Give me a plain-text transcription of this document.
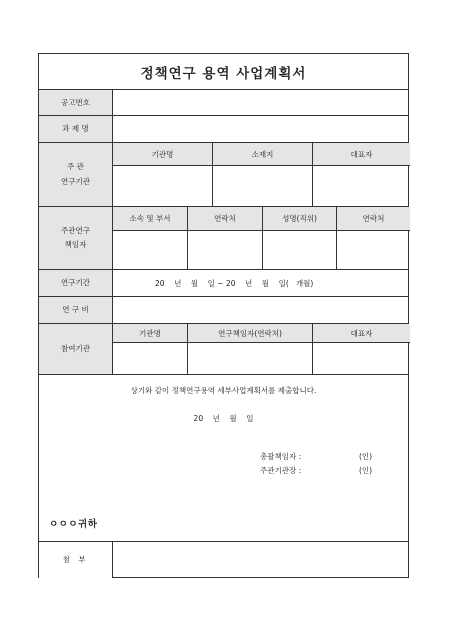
정책연구 용역 사업계획서
공고번호
과 제 명
주 관
연구기관
기관명	소재지	대표자
주관연구
책임자
소속 및 부서	연락처	성명(직위)	연락처
연구기간	20    년    월    일 ~ 20    년    월    일(   개월)
연 구 비
참여기관
기관명	연구책임자(연락처)	대표자
상기와 같이 정책연구용역 세부사업계획서를 제출합니다.
20    년    월    일
총괄책임자 :	(인)
주관기관장 :	(인)
ㅇㅇㅇ귀하
첨 부
